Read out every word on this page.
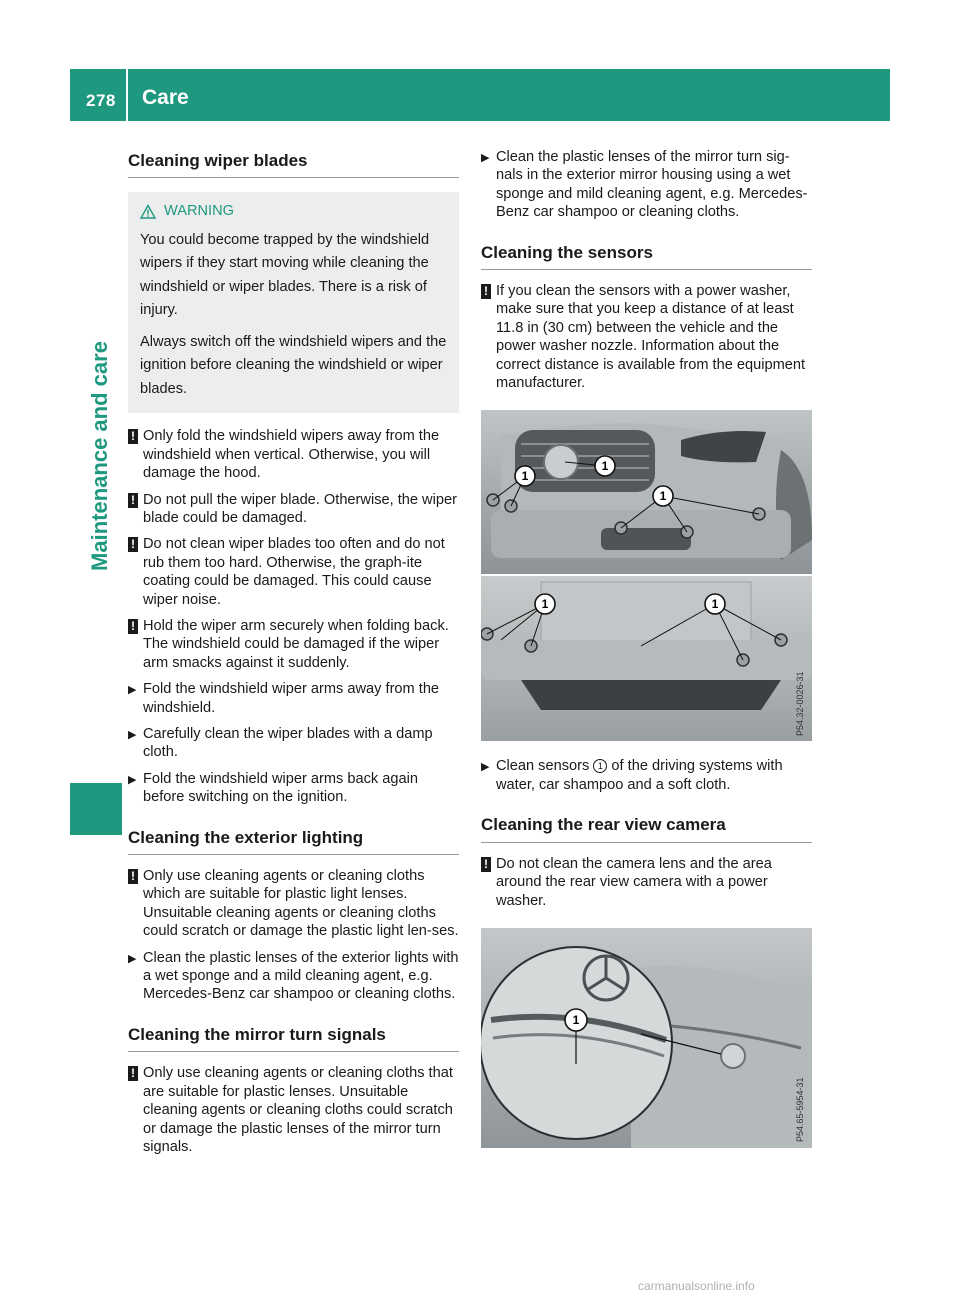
278 Care
Maintenance and care
Cleaning wiper blades
WARNING

You could become trapped by the windshield wipers if they start moving while cleaning the windshield or wiper blades. There is a risk of injury.

Always switch off the windshield wipers and the ignition before cleaning the windshield or wiper blades.

! Only fold the windshield wipers away from the windshield when vertical. Otherwise, you will damage the hood.
! Do not pull the wiper blade. Otherwise, the wiper blade could be damaged.
! Do not clean wiper blades too often and do not rub them too hard. Otherwise, the graph-ite coating could be damaged. This could cause wiper noise.
! Hold the wiper arm securely when folding back. The windshield could be damaged if the wiper arm smacks against it suddenly.
▶ Fold the windshield wiper arms away from the windshield.
▶ Carefully clean the wiper blades with a damp cloth.
▶ Fold the windshield wiper arms back again before switching on the ignition.
Cleaning the exterior lighting
! Only use cleaning agents or cleaning cloths which are suitable for plastic light lenses. Unsuitable cleaning agents or cleaning cloths could scratch or damage the plastic light len-ses.
▶ Clean the plastic lenses of the exterior lights with a wet sponge and a mild cleaning agent, e.g. Mercedes-Benz car shampoo or cleaning cloths.
Cleaning the mirror turn signals
! Only use cleaning agents or cleaning cloths that are suitable for plastic lenses. Unsuitable cleaning agents or cleaning cloths could scratch or damage the plastic lenses of the mirror turn signals.
▶ Clean the plastic lenses of the mirror turn sig-nals in the exterior mirror housing using a wet sponge and mild cleaning agent, e.g. Mercedes-Benz car shampoo or cleaning cloths.
Cleaning the sensors
! If you clean the sensors with a power washer, make sure that you keep a distance of at least 11.8 in (30 cm) between the vehicle and the power washer nozzle. Information about the correct distance is available from the equipment manufacturer.
1
1
1
1	1
P54.32-0026-31
▶ Clean sensors 1 of the driving systems with water, car shampoo and a soft cloth.
Cleaning the rear view camera
! Do not clean the camera lens and the area around the rear view camera with a power washer.
1
P54.65-5954-31
carmanualsonline.info
